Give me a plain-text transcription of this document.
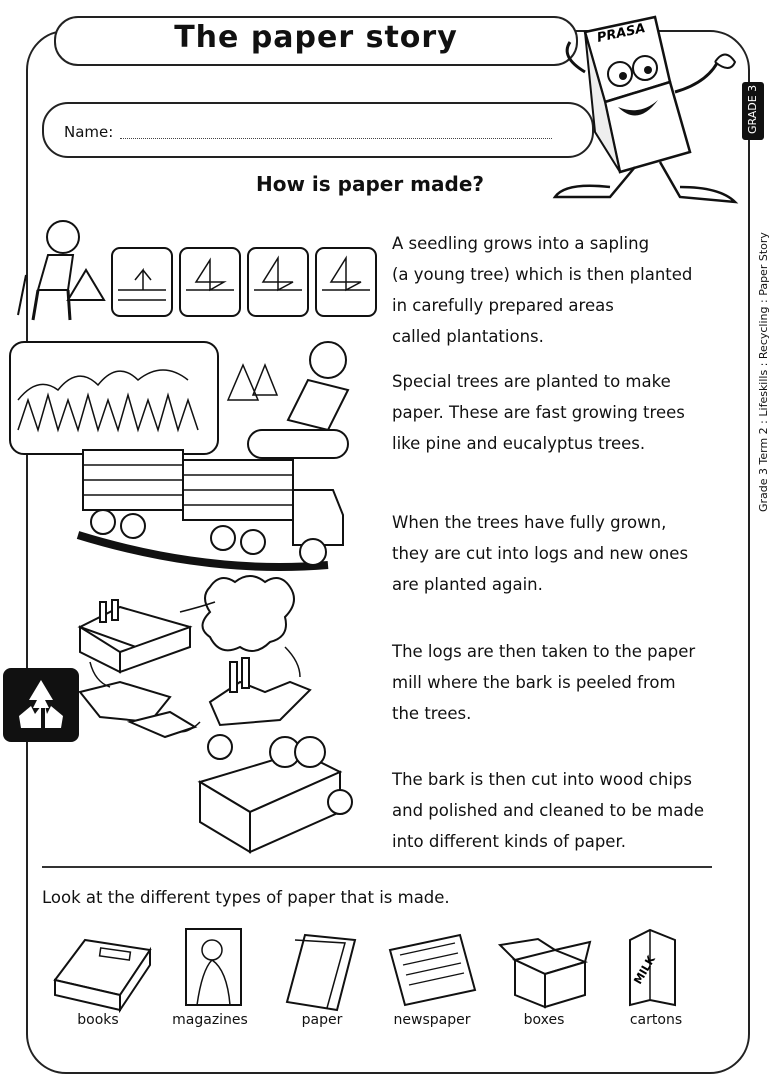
The paper story
Name:
How is paper made?
PRASA
GRADE 3
Grade 3 Term 2 : Lifeskills : Recycling : Paper Story
A seedling grows into a sapling
(a young tree) which is then planted
in carefully prepared areas
called plantations.
Special trees are planted to make
paper. These are fast growing trees
like pine and eucalyptus trees.
When the trees have fully grown,
they are cut into logs and new ones
are planted again.
The logs are then taken to the paper
mill where the bark is peeled from
the trees.
The bark is then cut into wood chips
and polished and cleaned to be made
into different kinds of paper.
Look at the different types of paper that is made.
MILK
books	magazines	paper	newspaper	boxes	cartons
